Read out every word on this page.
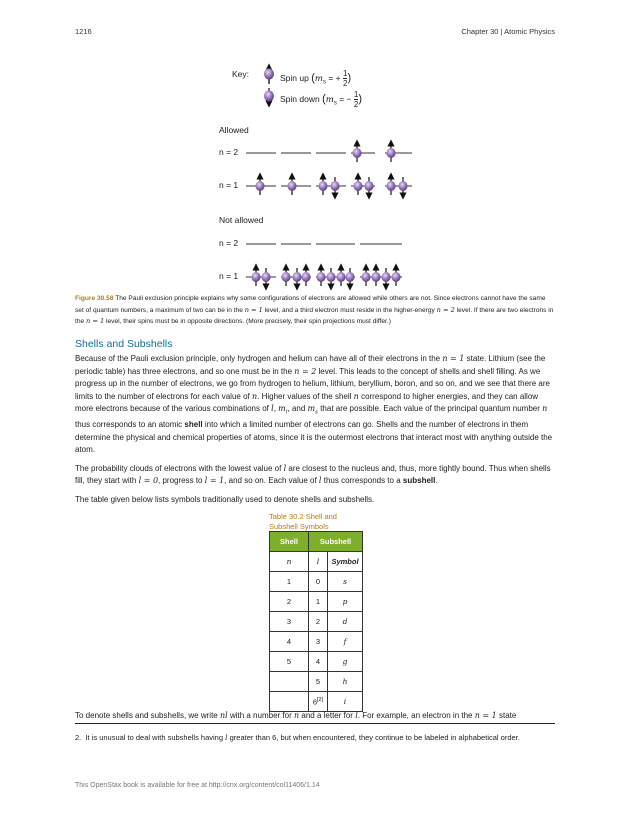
1216	Chapter 30 | Atomic Physics
Key:	Spin up ($m_s$ = + $\frac{1}{2}$ )
Spin down ($m_s$ = − $\frac{1}{2}$ )
Allowed
n = 2
n = 1
Not allowed
n = 2
n = 1
Figure 30.58 The Pauli exclusion principle explains why some configurations of electrons are allowed while others are not. Since electrons cannot have the same set of quantum numbers, a maximum of two can be in the n = 1 level, and a third electron must reside in the higher-energy n = 2 level. If there are two electrons in the n = 1 level, their spins must be in opposite directions. (More precisely, their spin projections must differ.)
Shells and Subshells

Because of the Pauli exclusion principle, only hydrogen and helium can have all of their electrons in the n = 1 state. Lithium (see the periodic table) has three electrons, and so one must be in the n = 2 level. This leads to the concept of shells and shell filling. As we progress up in the number of electrons, we go from hydrogen to helium, lithium, beryllium, boron, and so on, and we see that there are limits to the number of electrons for each value of n. Higher values of the shell n correspond to higher energies, and they can allow more electrons because of the various combinations of l, $m_l$, and $m_s$ that are possible. Each value of the principal quantum number n thus corresponds to an atomic shell into which a limited number of electrons can go. Shells and the number of electrons in them determine the physical and chemical properties of atoms, since it is the outermost electrons that interact most with anything outside the atom.

The probability clouds of electrons with the lowest value of l are closest to the nucleus and, thus, more tightly bound. Thus when shells fill, they start with l = 0, progress to l = 1, and so on. Each value of l thus corresponds to a subshell.

The table given below lists symbols traditionally used to denote shells and subshells.

Table 30.2 Shell and
Subshell Symbols
Shell	Subshell	
n	l	Symbol
1	0	s
2	1	p
3	2	d
4	3	f
5	4	g
	5	h
	6[2]	i
To denote shells and subshells, we write nl with a number for n and a letter for l. For example, an electron in the n = 1 state
2. It is unusual to deal with subshells having l greater than 6, but when encountered, they continue to be labeled in alphabetical order.
This OpenStax book is available for free at http://cnx.org/content/col11406/1.14
